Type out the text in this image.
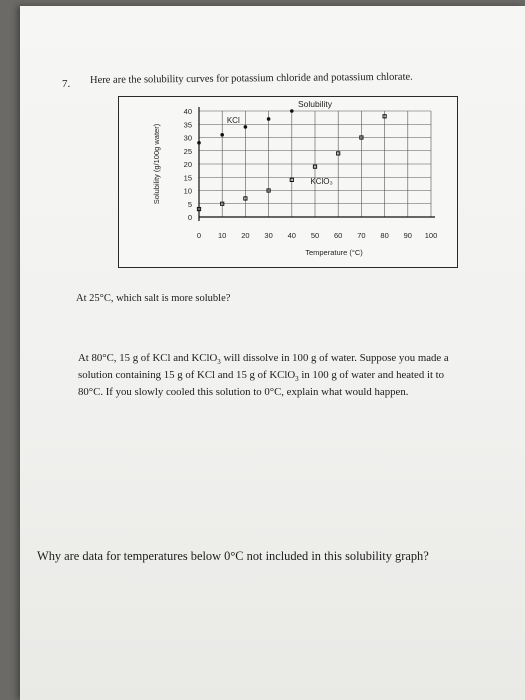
7. Here are the solubility curves for potassium chloride and potassium chlorate.
0 10 20 30 40 50 60 70 80 90 100
40
35
30
25
20
15
10
5
0
Solubility
Temperature (°C)
Solubility (g/100g water)
KCl
KClO₃
At 25°C, which salt is more soluble?
At 80°C, 15 g of KCl and KClO$_3$ will dissolve in 100 g of water. Suppose you made a
solution containing 15 g of KCl and 15 g of KClO$_3$ in 100 g of water and heated it to
80°C. If you slowly cooled this solution to 0°C, explain what would happen.
Why are data for temperatures below 0°C not included in this solubility graph?
